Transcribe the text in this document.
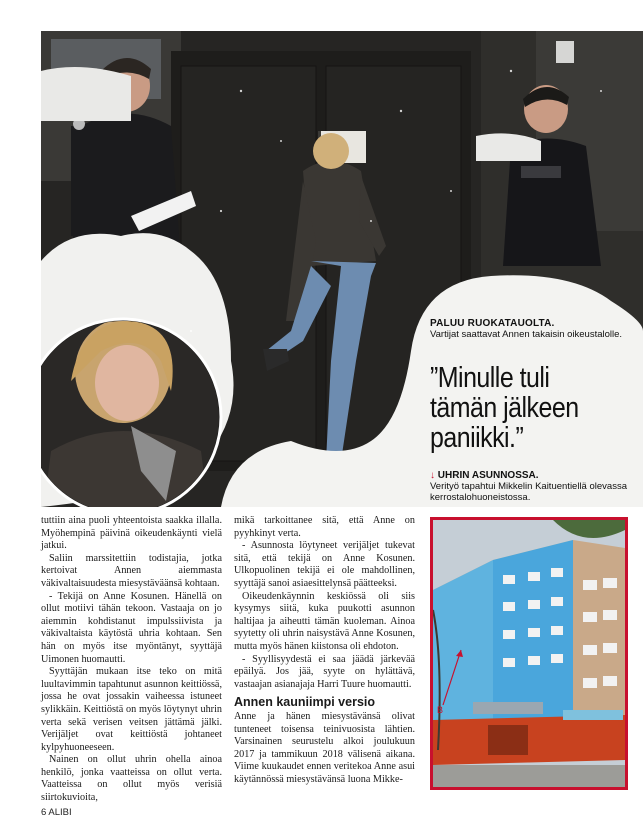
PALUU RUOKATAUOLTA.
Vartijat saattavat Annen takaisin oikeustalolle.
”Minulle tuli tämän jälkeen paniikki.”
↓ UHRIN ASUNNOSSA.
Verityö tapahtui Mikkelin Kaituentiellä olevassa kerrostalohuoneistossa.

tuttiin aina puoli yhteentoista saakka illalla. Myöhempinä päivinä oikeudenkäynti vielä jatkui.

Saliin marssitettiin todistajia, jotka kertoivat Annen aiemmasta väkivaltaisuudesta miesystäväänsä kohtaan.

- Tekijä on Anne Kosunen. Hänellä on ollut motiivi tähän tekoon. Vastaaja on jo aiemmin kohdistanut impulssiivista ja väkivaltaista käytöstä uhria kohtaan. Sen hän on myös itse myöntänyt, syyttäjä Uimonen huomautti.

Syyttäjän mukaan itse teko on mitä luultavimmin tapahtunut asunnon keittiössä, jossa he ovat jossakin vaiheessa istuneet sylikkäin. Keittiöstä on myös löytynyt uhrin verta sekä verisen veitsen jättämä jälki. Verijäljet ovat keittiöstä johtaneet kylpyhuoneeseen.

Nainen on ollut uhrin ohella ainoa henkilö, jonka vaatteissa on ollut verta. Vaatteissa on ollut myös verisiä siirtokuvioita,

mikä tarkoittanee sitä, että Anne on pyyhkinyt verta.

- Asunnosta löytyneet verijäljet tukevat sitä, että tekijä on Anne Kosunen. Ulkopuolinen tekijä ei ole mahdollinen, syyttäjä sanoi asiaesittelynsä päätteeksi.

Oikeudenkäynnin keskiössä oli siis kysymys siitä, kuka puukotti asunnon haltijaa ja aiheutti tämän kuoleman. Ainoa syytetty oli uhrin naisystävä Anne Kosunen, mutta myös hänen kiistonsa oli ehdoton.

- Syyllisyydestä ei saa jäädä järkevää epäilyä. Jos jää, syyte on hylättävä, vastaajan asianajaja Harri Tuure huomautti.

Annen kauniimpi versio

Anne ja hänen miesystävänsä olivat tunteneet toisensa teinivuosista lähtien. Varsinainen seurustelu alkoi joulukuun 2017 ja tammikuun 2018 välisenä aikana. Viime kuukaudet ennen veritekoa Anne asui käytännössä miesystävänsä luona Mikke-

B
6 ALIBI
